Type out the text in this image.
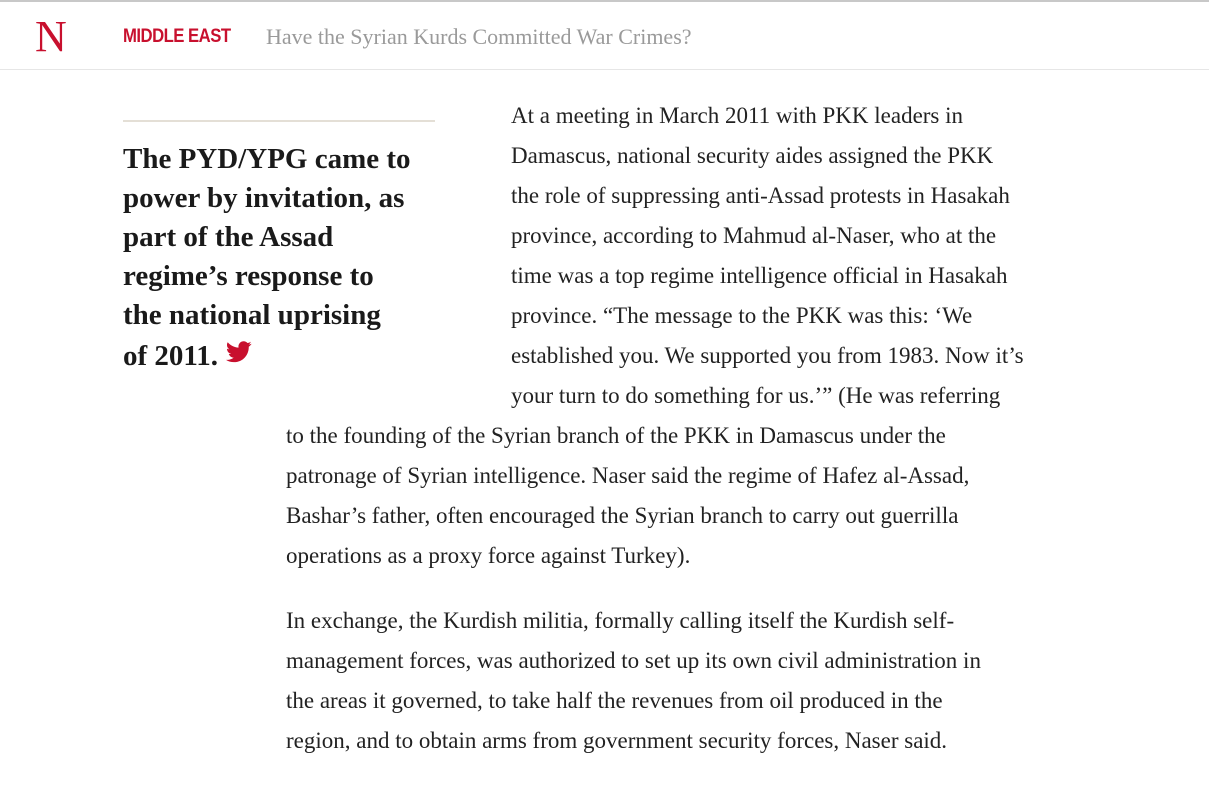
N	MIDDLE EAST Have the Syrian Kurds Committed War Crimes?
The PYD/YPG came to
power by invitation, as
part of the Assad
regime’s response to
the national uprising
of 2011.

At a meeting in March 2011 with PKK leaders in
Damascus, national security aides assigned the PKK
the role of suppressing anti-Assad protests in Hasakah
province, according to Mahmud al-Naser, who at the
time was a top regime intelligence official in Hasakah
province. “The message to the PKK was this: ‘We
established you. We supported you from 1983. Now it’s
your turn to do something for us.’” (He was referring

to the founding of the Syrian branch of the PKK in Damascus under the
patronage of Syrian intelligence. Naser said the regime of Hafez al-Assad,
Bashar’s father, often encouraged the Syrian branch to carry out guerrilla
operations as a proxy force against Turkey).

In exchange, the Kurdish militia, formally calling itself the Kurdish self-
management forces, was authorized to set up its own civil administration in
the areas it governed, to take half the revenues from oil produced in the
region, and to obtain arms from government security forces, Naser said.
